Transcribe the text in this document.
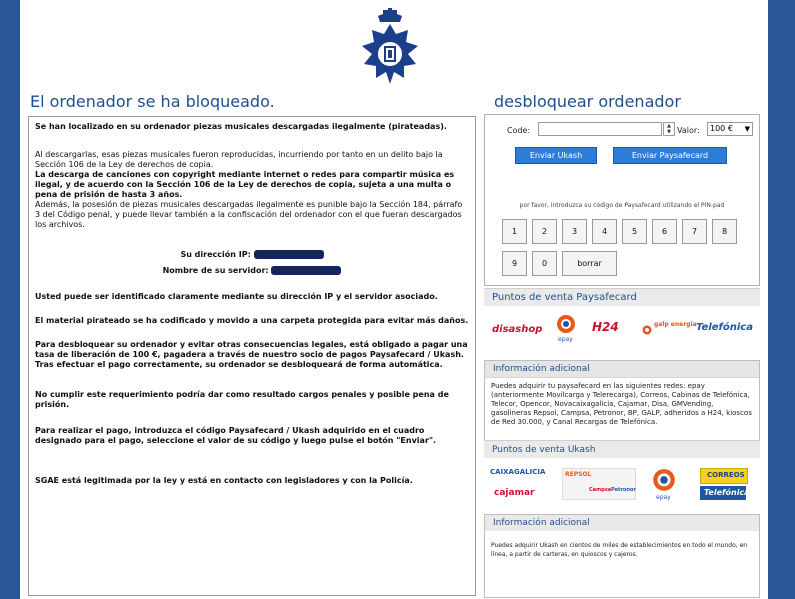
El ordenador se ha bloqueado.	desbloquear ordenador

Se han localizado en su ordenador piezas musicales descargadas ilegalmente (pirateadas).

Al descargarlas, esas piezas musicales fueron reproducidas, incurriendo por tanto en un delito bajo la Sección 106 de la Ley de derechos de copia.

La descarga de canciones con copyright mediante internet o redes para compartir música es ilegal, y de acuerdo con la Sección 106 de la Ley de derechos de copia, sujeta a una multa o pena de prisión de hasta 3 años.

Además, la posesión de piezas musicales descargadas ilegalmente es punible bajo la Sección 184, párrafo 3 del Código penal, y puede llevar también a la confiscación del ordenador con el que fueran descargados los archivos.

Su dirección IP:

Nombre de su servidor:

Usted puede ser identificado claramente mediante su dirección IP y el servidor asociado.

El material pirateado se ha codificado y movido a una carpeta protegida para evitar más daños.

Para desbloquear su ordenador y evitar otras consecuencias legales, está obligado a pagar una tasa de liberación de 100 €, pagadera a través de nuestro socio de pagos Paysafecard / Ukash. Tras efectuar el pago correctamente, su ordenador se desbloqueará de forma automática.

No cumplir este requerimiento podría dar como resultado cargos penales y posible pena de prisión.

Para realizar el pago, introduzca el código Paysafecard / Ukash adquirido en el cuadro designado para el pago, seleccione el valor de su código y luego pulse el botón "Enviar".

SGAE está legitimada por la ley y está en contacto con legisladores y con la Policía.

Code:	▲
▼ Valor:	100 € ▼
Enviar Ukash	Enviar Paysafecard
por favor, introduzca su código de Paysafecard utilizando el PIN-pad
1	2	3	4	5	6	7	8
9	0	borrar
Puntos de venta Paysafecard
disashop
epay
H24	galp energia Telefónica
Información adicional
Puedes adquirir tu paysafecard en las siguientes redes: epay (anteriormente Movilcarga y Telerecarga), Correos, Cabinas de Telefónica, Telecor, Opencor, Novacaixagalicia, Cajamar, Disa, GMVending, gasolineras Repsol, Campsa, Petronor, BP, GALP, adheridos a H24, kioscos de Red 30.000, y Canal Recargas de Telefónica.
Puntos de venta Ukash
CAIXAGALICIA
cajamar
REPSOL
Campsa Petronor
epay
CORREOS
Telefónica
Información adicional
Puedes adquirir Ukash en cientos de miles de establecimientos en todo el mundo, en línea, a partir de carteras, en quioscos y cajeros.
